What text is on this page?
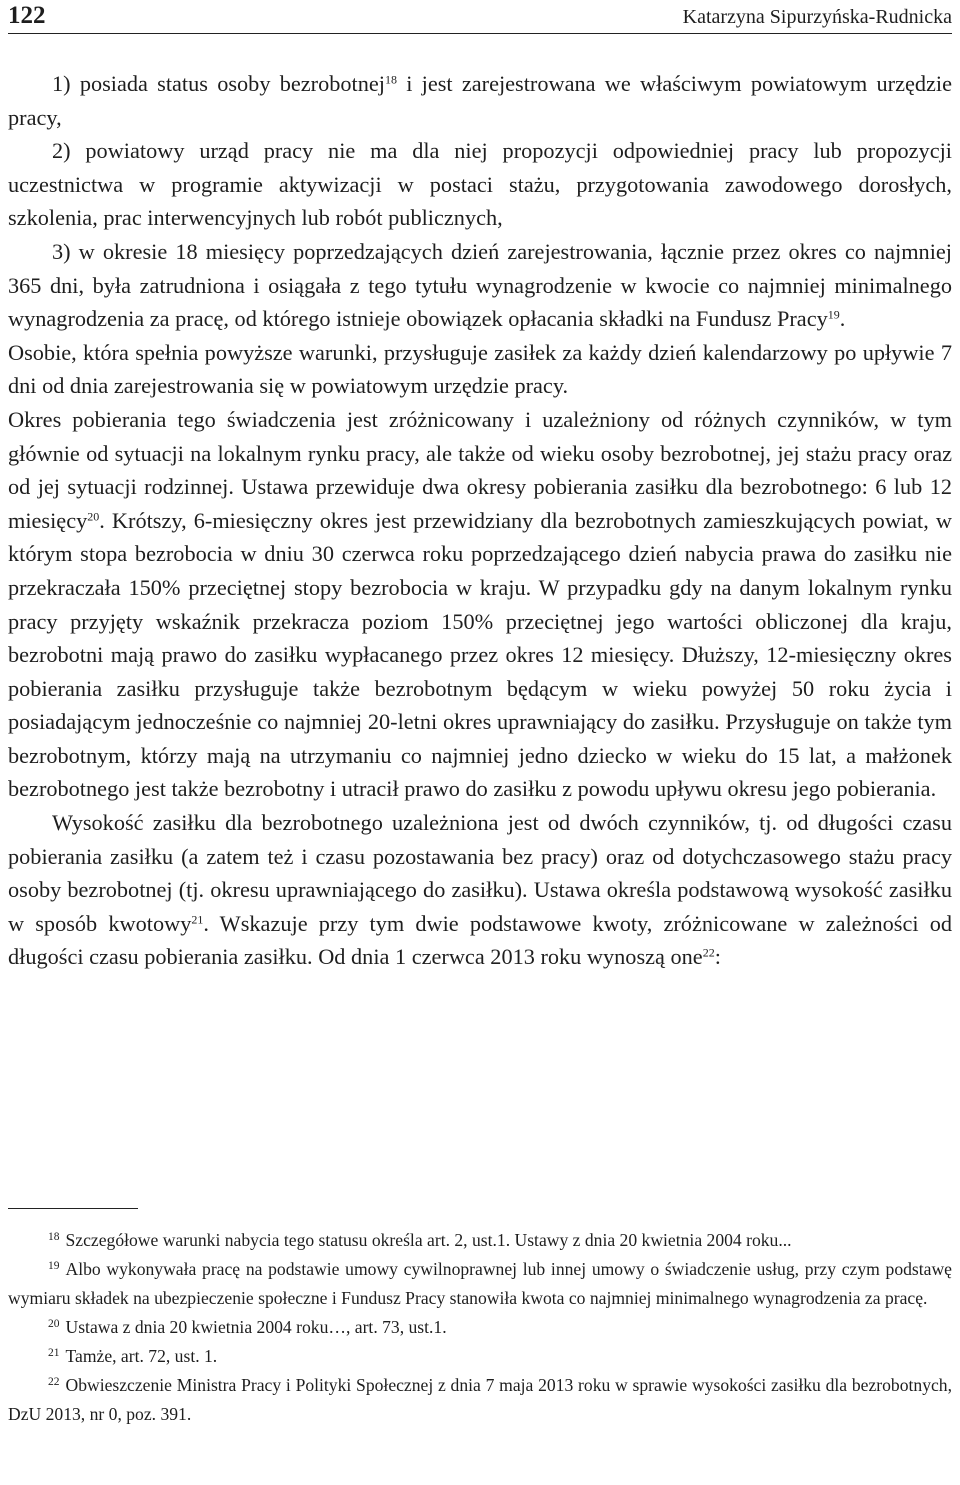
122	Katarzyna Sipurzyńska-Rudnicka

1) posiada status osoby bezrobotnej$^{18}$ i jest zarejestrowana we właściwym powiatowym urzędzie pracy,

2) powiatowy urząd pracy nie ma dla niej propozycji odpowiedniej pracy lub propozycji uczestnictwa w programie aktywizacji w postaci stażu, przygotowania zawodowego dorosłych, szkolenia, prac interwencyjnych lub robót publicznych,

3) w okresie 18 miesięcy poprzedzających dzień zarejestrowania, łącznie przez okres co najmniej 365 dni, była zatrudniona i osiągała z tego tytułu wynagrodzenie w kwocie co najmniej minimalnego wynagrodzenia za pracę, od którego istnieje obowiązek opłacania składki na Fundusz Pracy$^{19}$.

Osobie, która spełnia powyższe warunki, przysługuje zasiłek za każdy dzień kalendarzowy po upływie 7 dni od dnia zarejestrowania się w powiatowym urzędzie pracy.

Okres pobierania tego świadczenia jest zróżnicowany i uzależniony od różnych czynników, w tym głównie od sytuacji na lokalnym rynku pracy, ale także od wieku osoby bezrobotnej, jej stażu pracy oraz od jej sytuacji rodzinnej. Ustawa przewiduje dwa okresy pobierania zasiłku dla bezrobotnego: 6 lub 12 miesięcy$^{20}$. Krótszy, 6-miesięczny okres jest przewidziany dla bezrobotnych zamieszkujących powiat, w którym stopa bezrobocia w dniu 30 czerwca roku poprzedzającego dzień nabycia prawa do zasiłku nie przekraczała 150% przeciętnej stopy bezrobocia w kraju. W przypadku gdy na danym lokalnym rynku pracy przyjęty wskaźnik przekracza poziom 150% przeciętnej jego wartości obliczonej dla kraju, bezrobotni mają prawo do zasiłku wypłacanego przez okres 12 miesięcy. Dłuższy, 12-miesięczny okres pobierania zasiłku przysługuje także bezrobotnym będącym w wieku powyżej 50 roku życia i posiadającym jednocześnie co najmniej 20-letni okres uprawniający do zasiłku. Przysługuje on także tym bezrobotnym, którzy mają na utrzymaniu co najmniej jedno dziecko w wieku do 15 lat, a małżonek bezrobotnego jest także bezrobotny i utracił prawo do zasiłku z powodu upływu okresu jego pobierania.

Wysokość zasiłku dla bezrobotnego uzależniona jest od dwóch czynników, tj. od długości czasu pobierania zasiłku (a zatem też i czasu pozostawania bez pracy) oraz od dotychczasowego stażu pracy osoby bezrobotnej (tj. okresu uprawniającego do zasiłku). Ustawa określa podstawową wysokość zasiłku w sposób kwotowy$^{21}$. Wskazuje przy tym dwie podstawowe kwoty, zróżnicowane w zależności od długości czasu pobierania zasiłku. Od dnia 1 czerwca 2013 roku wynoszą one$^{22}$:

$^{18}$ Szczegółowe warunki nabycia tego statusu określa art. 2, ust.1. Ustawy z dnia 20 kwietnia 2004 roku...

$^{19}$ Albo wykonywała pracę na podstawie umowy cywilnoprawnej lub innej umowy o świadczenie usług, przy czym podstawę wymiaru składek na ubezpieczenie społeczne i Fundusz Pracy stanowiła kwota co najmniej minimalnego wynagrodzenia za pracę.

$^{20}$ Ustawa z dnia 20 kwietnia 2004 roku…, art. 73, ust.1.

$^{21}$ Tamże, art. 72, ust. 1.

$^{22}$ Obwieszczenie Ministra Pracy i Polityki Społecznej z dnia 7 maja 2013 roku w sprawie wysokości zasiłku dla bezrobotnych, DzU 2013, nr 0, poz. 391.
